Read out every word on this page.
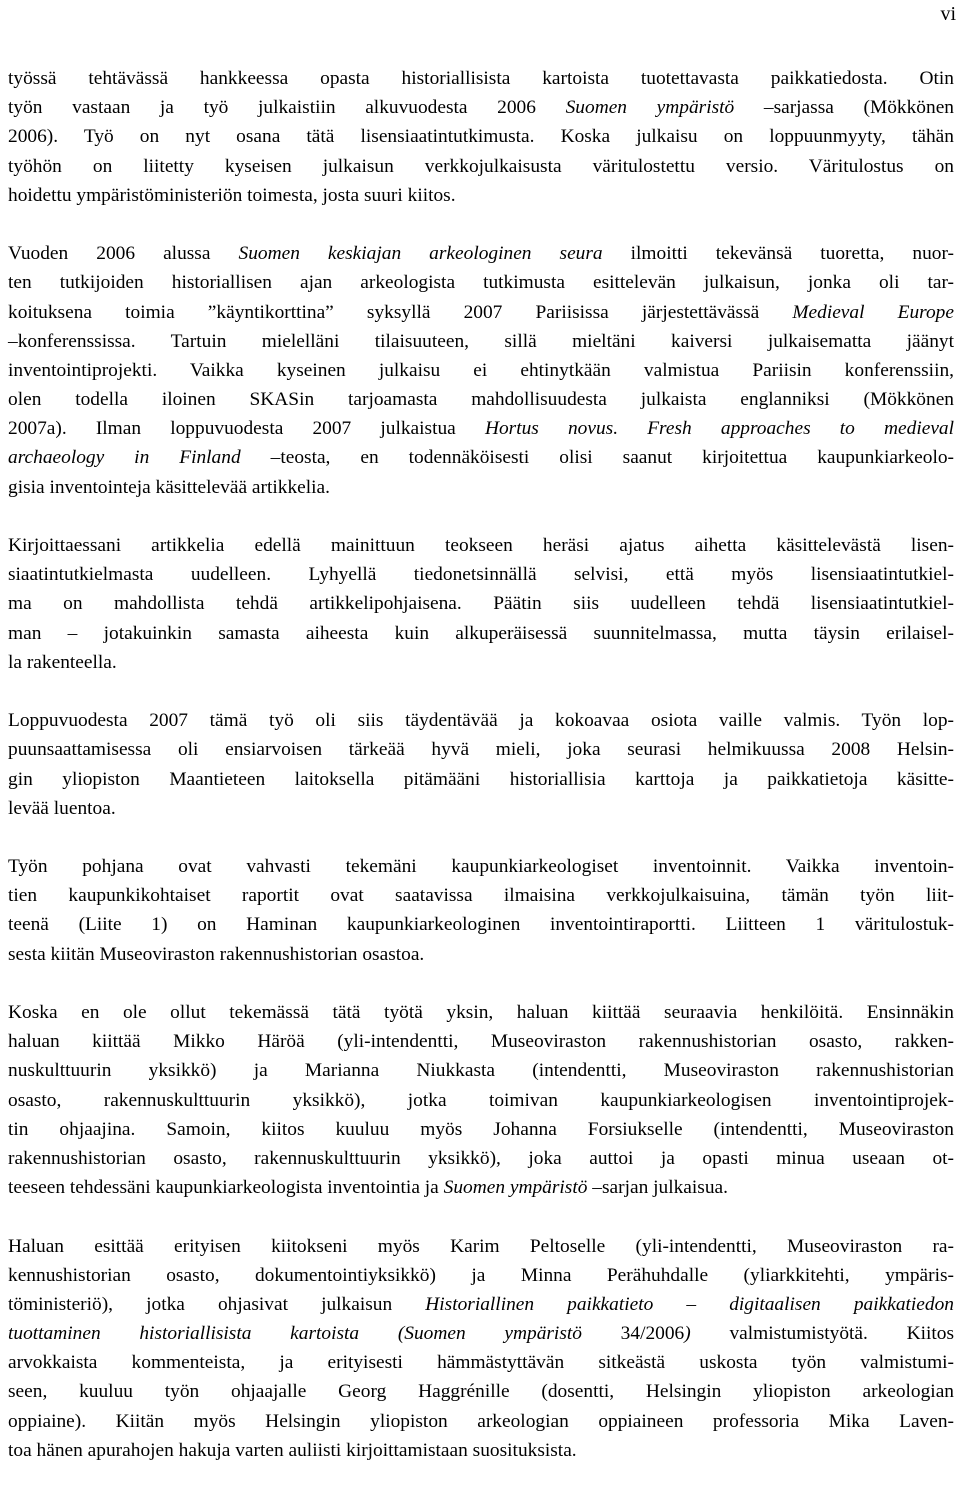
vi
työssä tehtävässä hankkeessa opasta historiallisista kartoista tuotettavasta paikkatiedosta. Otin
työn vastaan ja työ julkaistiin alkuvuodesta 2006 Suomen ympäristö –sarjassa (Mökkönen
2006). Työ on nyt osana tätä lisensiaatintutkimusta. Koska julkaisu on loppuunmyyty, tähän
työhön on liitetty kyseisen julkaisun verkkojulkaisusta väritulostettu versio. Väritulostus on
hoidettu ympäristöministeriön toimesta, josta suuri kiitos.
Vuoden 2006 alussa Suomen keskiajan arkeologinen seura ilmoitti tekevänsä tuoretta, nuor-
ten tutkijoiden historiallisen ajan arkeologista tutkimusta esittelevän julkaisun, jonka oli tar-
koituksena toimia ”käyntikorttina” syksyllä 2007 Pariisissa järjestettävässä Medieval Europe
–konferenssissa. Tartuin mielelläni tilaisuuteen, sillä mieltäni kaiversi julkaisematta jäänyt
inventointiprojekti. Vaikka kyseinen julkaisu ei ehtinytkään valmistua Pariisin konferenssiin,
olen todella iloinen SKASin tarjoamasta mahdollisuudesta julkaista englanniksi (Mökkönen
2007a). Ilman loppuvuodesta 2007 julkaistua Hortus novus. Fresh approaches to medieval
archaeology in Finland –teosta, en todennäköisesti olisi saanut kirjoitettua kaupunkiarkeolo-
gisia inventointeja käsittelevää artikkelia.
Kirjoittaessani artikkelia edellä mainittuun teokseen heräsi ajatus aihetta käsittelevästä lisen-
siaatintutkielmasta uudelleen. Lyhyellä tiedonetsinnällä selvisi, että myös lisensiaatintutkiel-
ma on mahdollista tehdä artikkelipohjaisena. Päätin siis uudelleen tehdä lisensiaatintutkiel-
man – jotakuinkin samasta aiheesta kuin alkuperäisessä suunnitelmassa, mutta täysin erilaisel-
la rakenteella.
Loppuvuodesta 2007 tämä työ oli siis täydentävää ja kokoavaa osiota vaille valmis. Työn lop-
puunsaattamisessa oli ensiarvoisen tärkeää hyvä mieli, joka seurasi helmikuussa 2008 Helsin-
gin yliopiston Maantieteen laitoksella pitämääni historiallisia karttoja ja paikkatietoja käsitte-
levää luentoa.
Työn pohjana ovat vahvasti tekemäni kaupunkiarkeologiset inventoinnit. Vaikka inventoin-
tien kaupunkikohtaiset raportit ovat saatavissa ilmaisina verkkojulkaisuina, tämän työn liit-
teenä (Liite 1) on Haminan kaupunkiarkeologinen inventointiraportti. Liitteen 1 väritulostuk-
sesta kiitän Museoviraston rakennushistorian osastoa.
Koska en ole ollut tekemässä tätä työtä yksin, haluan kiittää seuraavia henkilöitä. Ensinnäkin
haluan kiittää Mikko Häröä (yli-intendentti, Museoviraston rakennushistorian osasto, rakken-
nuskulttuurin yksikkö) ja Marianna Niukkasta (intendentti, Museoviraston rakennushistorian
osasto, rakennuskulttuurin yksikkö), jotka toimivan kaupunkiarkeologisen inventointiprojek-
tin ohjaajina. Samoin, kiitos kuuluu myös Johanna Forsiukselle (intendentti, Museoviraston
rakennushistorian osasto, rakennuskulttuurin yksikkö), joka auttoi ja opasti minua useaan ot-
teeseen tehdessäni kaupunkiarkeologista inventointia ja Suomen ympäristö –sarjan julkaisua.
Haluan esittää erityisen kiitokseni myös Karim Peltoselle (yli-intendentti, Museoviraston ra-
kennushistorian osasto, dokumentointiyksikkö) ja Minna Perähuhdalle (yliarkkitehti, ympäris-
töministeriö), jotka ohjasivat julkaisun Historiallinen paikkatieto – digitaalisen paikkatiedon
tuottaminen historiallisista kartoista (Suomen ympäristö 34/2006) valmistumistyötä. Kiitos
arvokkaista kommenteista, ja erityisesti hämmästyttävän sitkeästä uskosta työn valmistumi-
seen, kuuluu työn ohjaajalle Georg Haggrénille (dosentti, Helsingin yliopiston arkeologian
oppiaine). Kiitän myös Helsingin yliopiston arkeologian oppiaineen professoria Mika Laven-
toa hänen apurahojen hakuja varten auliisti kirjoittamistaan suosituksista.
